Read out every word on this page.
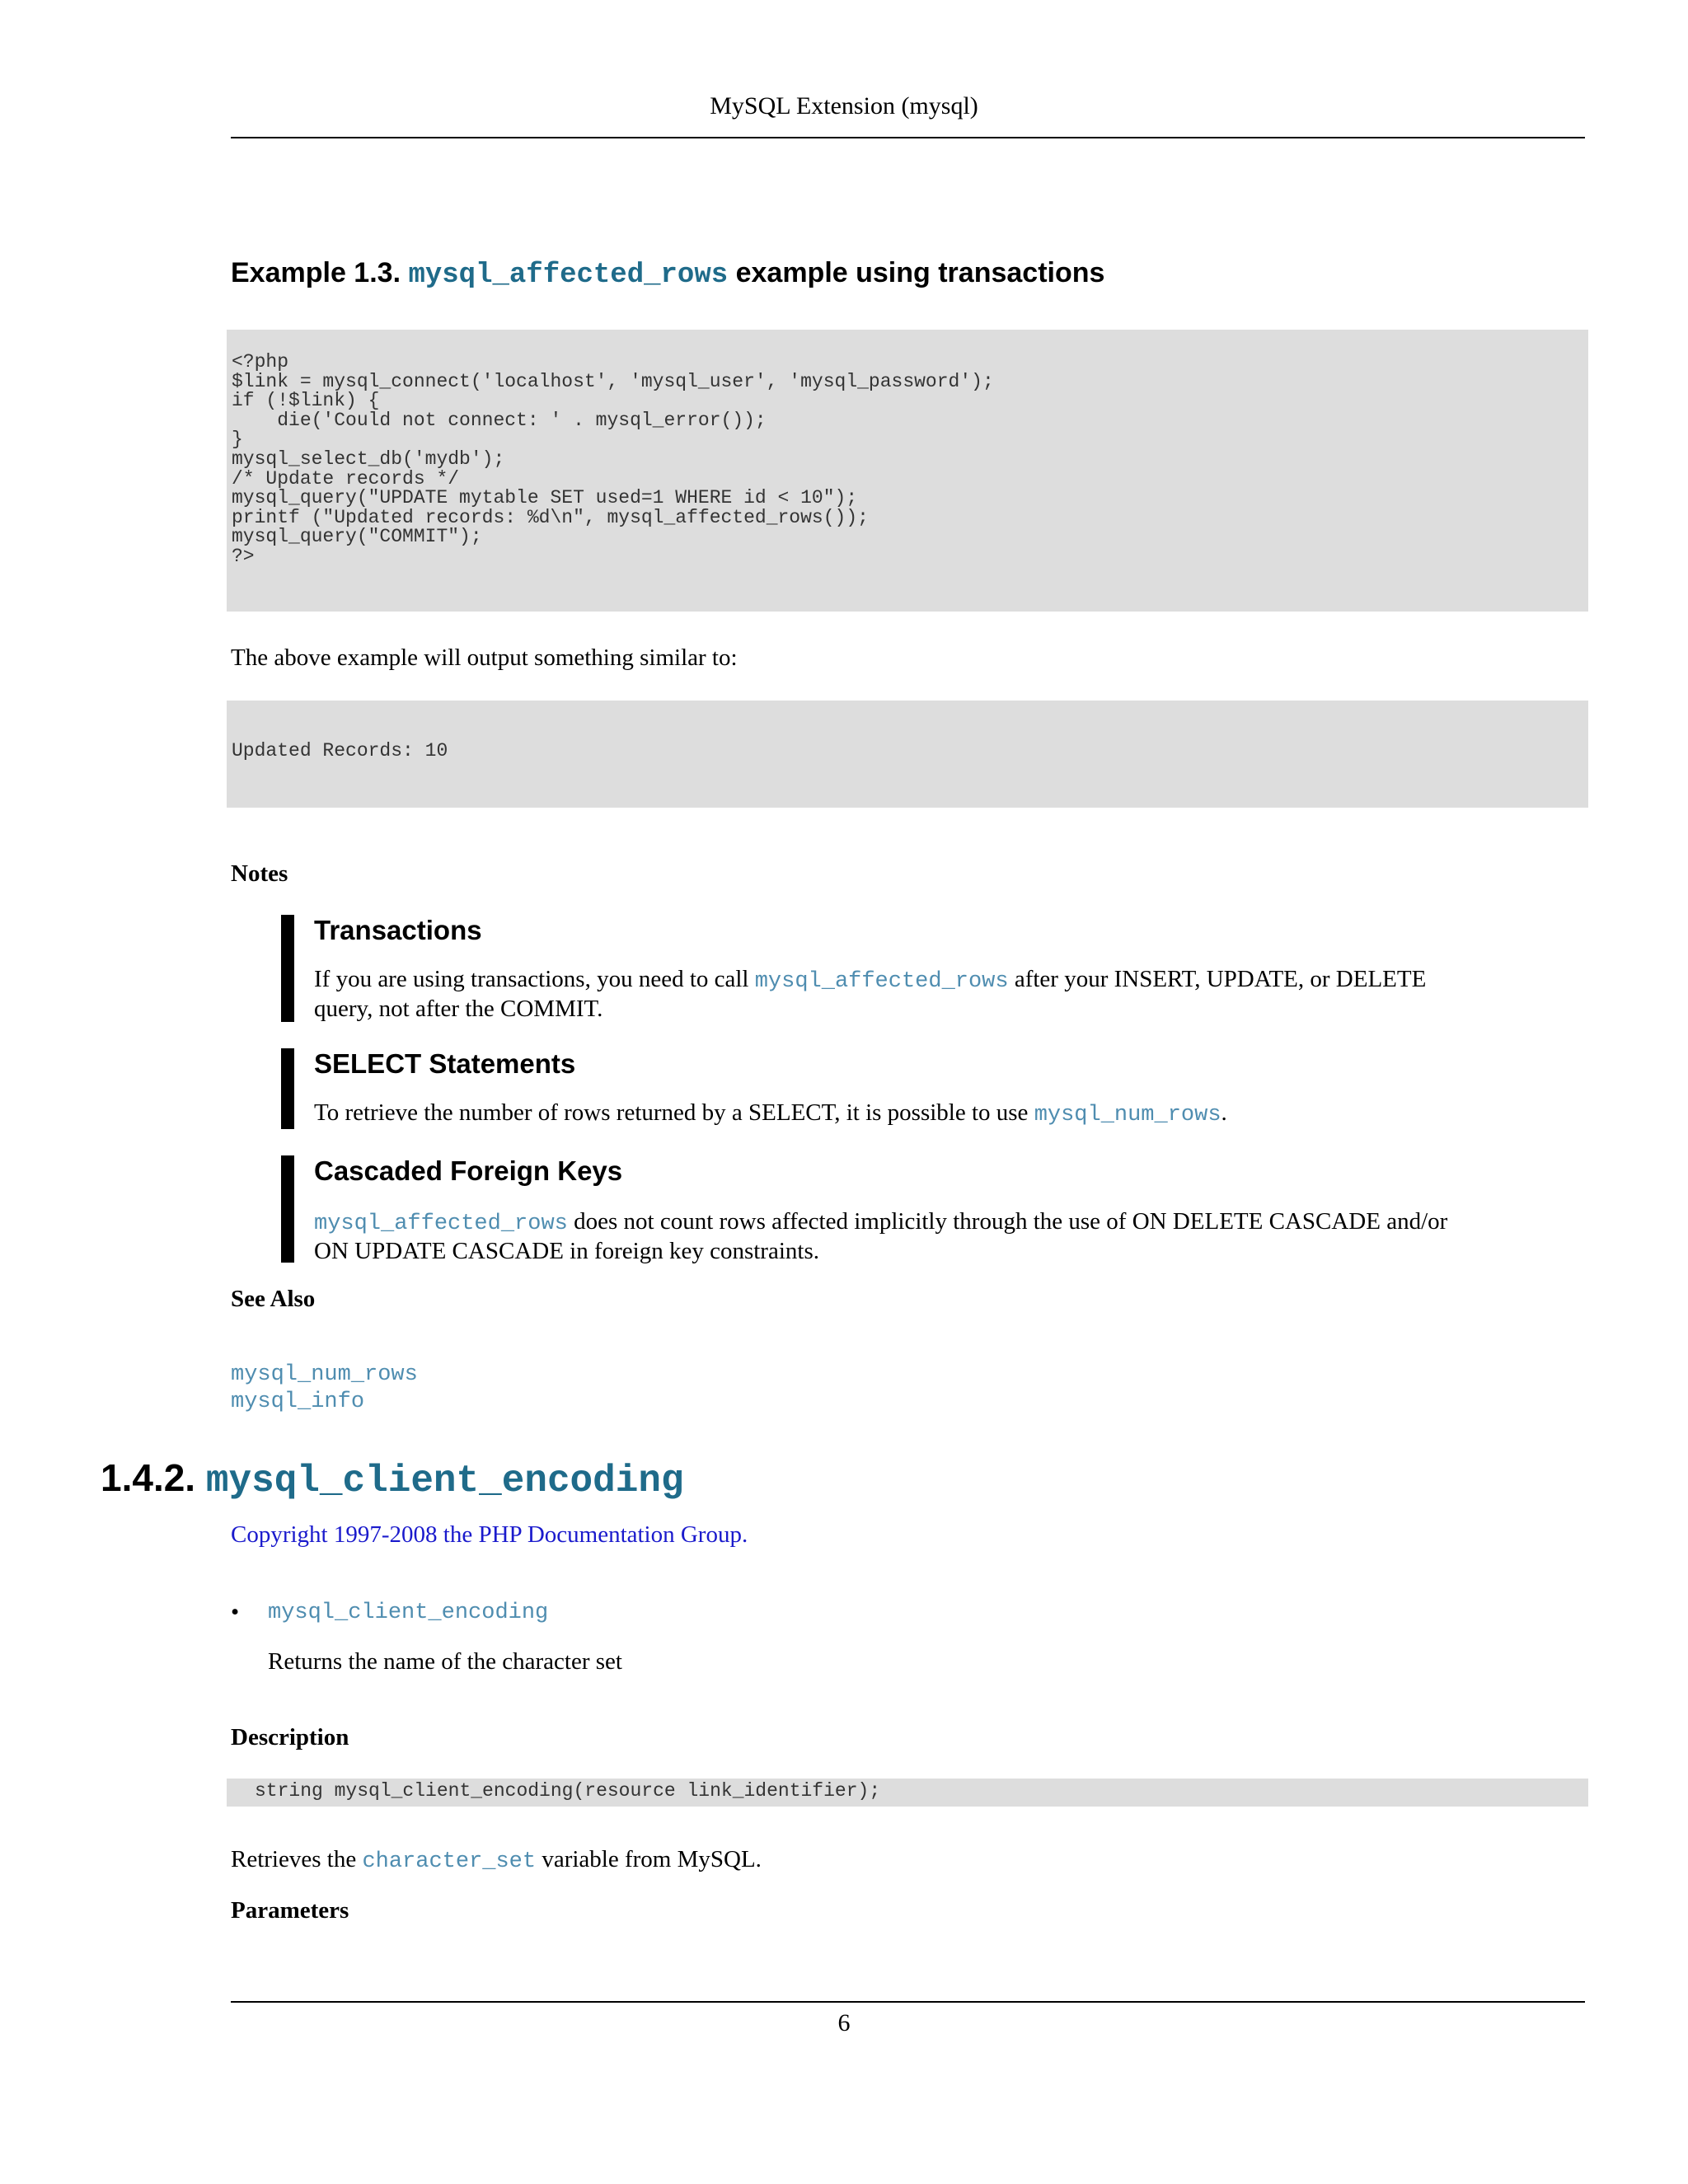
MySQL Extension (mysql)
Example 1.3. mysql_affected_rows example using transactions
<?php
$link = mysql_connect('localhost', 'mysql_user', 'mysql_password');
if (!$link) {
die('Could not connect: ' . mysql_error());
}
mysql_select_db('mydb');
/* Update records */
mysql_query("UPDATE mytable SET used=1 WHERE id < 10");
printf ("Updated records: %d\n", mysql_affected_rows());
mysql_query("COMMIT");
?>
The above example will output something similar to:
Updated Records: 10
Notes
Transactions
If you are using transactions, you need to call mysql_affected_rows after your INSERT, UPDATE, or DELETE
query, not after the COMMIT.
SELECT Statements
To retrieve the number of rows returned by a SELECT, it is possible to use mysql_num_rows.
Cascaded Foreign Keys
mysql_affected_rows does not count rows affected implicitly through the use of ON DELETE CASCADE and/or
ON UPDATE CASCADE in foreign key constraints.
See Also
mysql_num_rows
mysql_info
1.4.2. mysql_client_encoding
Copyright 1997-2008 the PHP Documentation Group.
• mysql_client_encoding
Returns the name of the character set
Description
string mysql_client_encoding(resource link_identifier);
Retrieves the character_set variable from MySQL.
Parameters
6
